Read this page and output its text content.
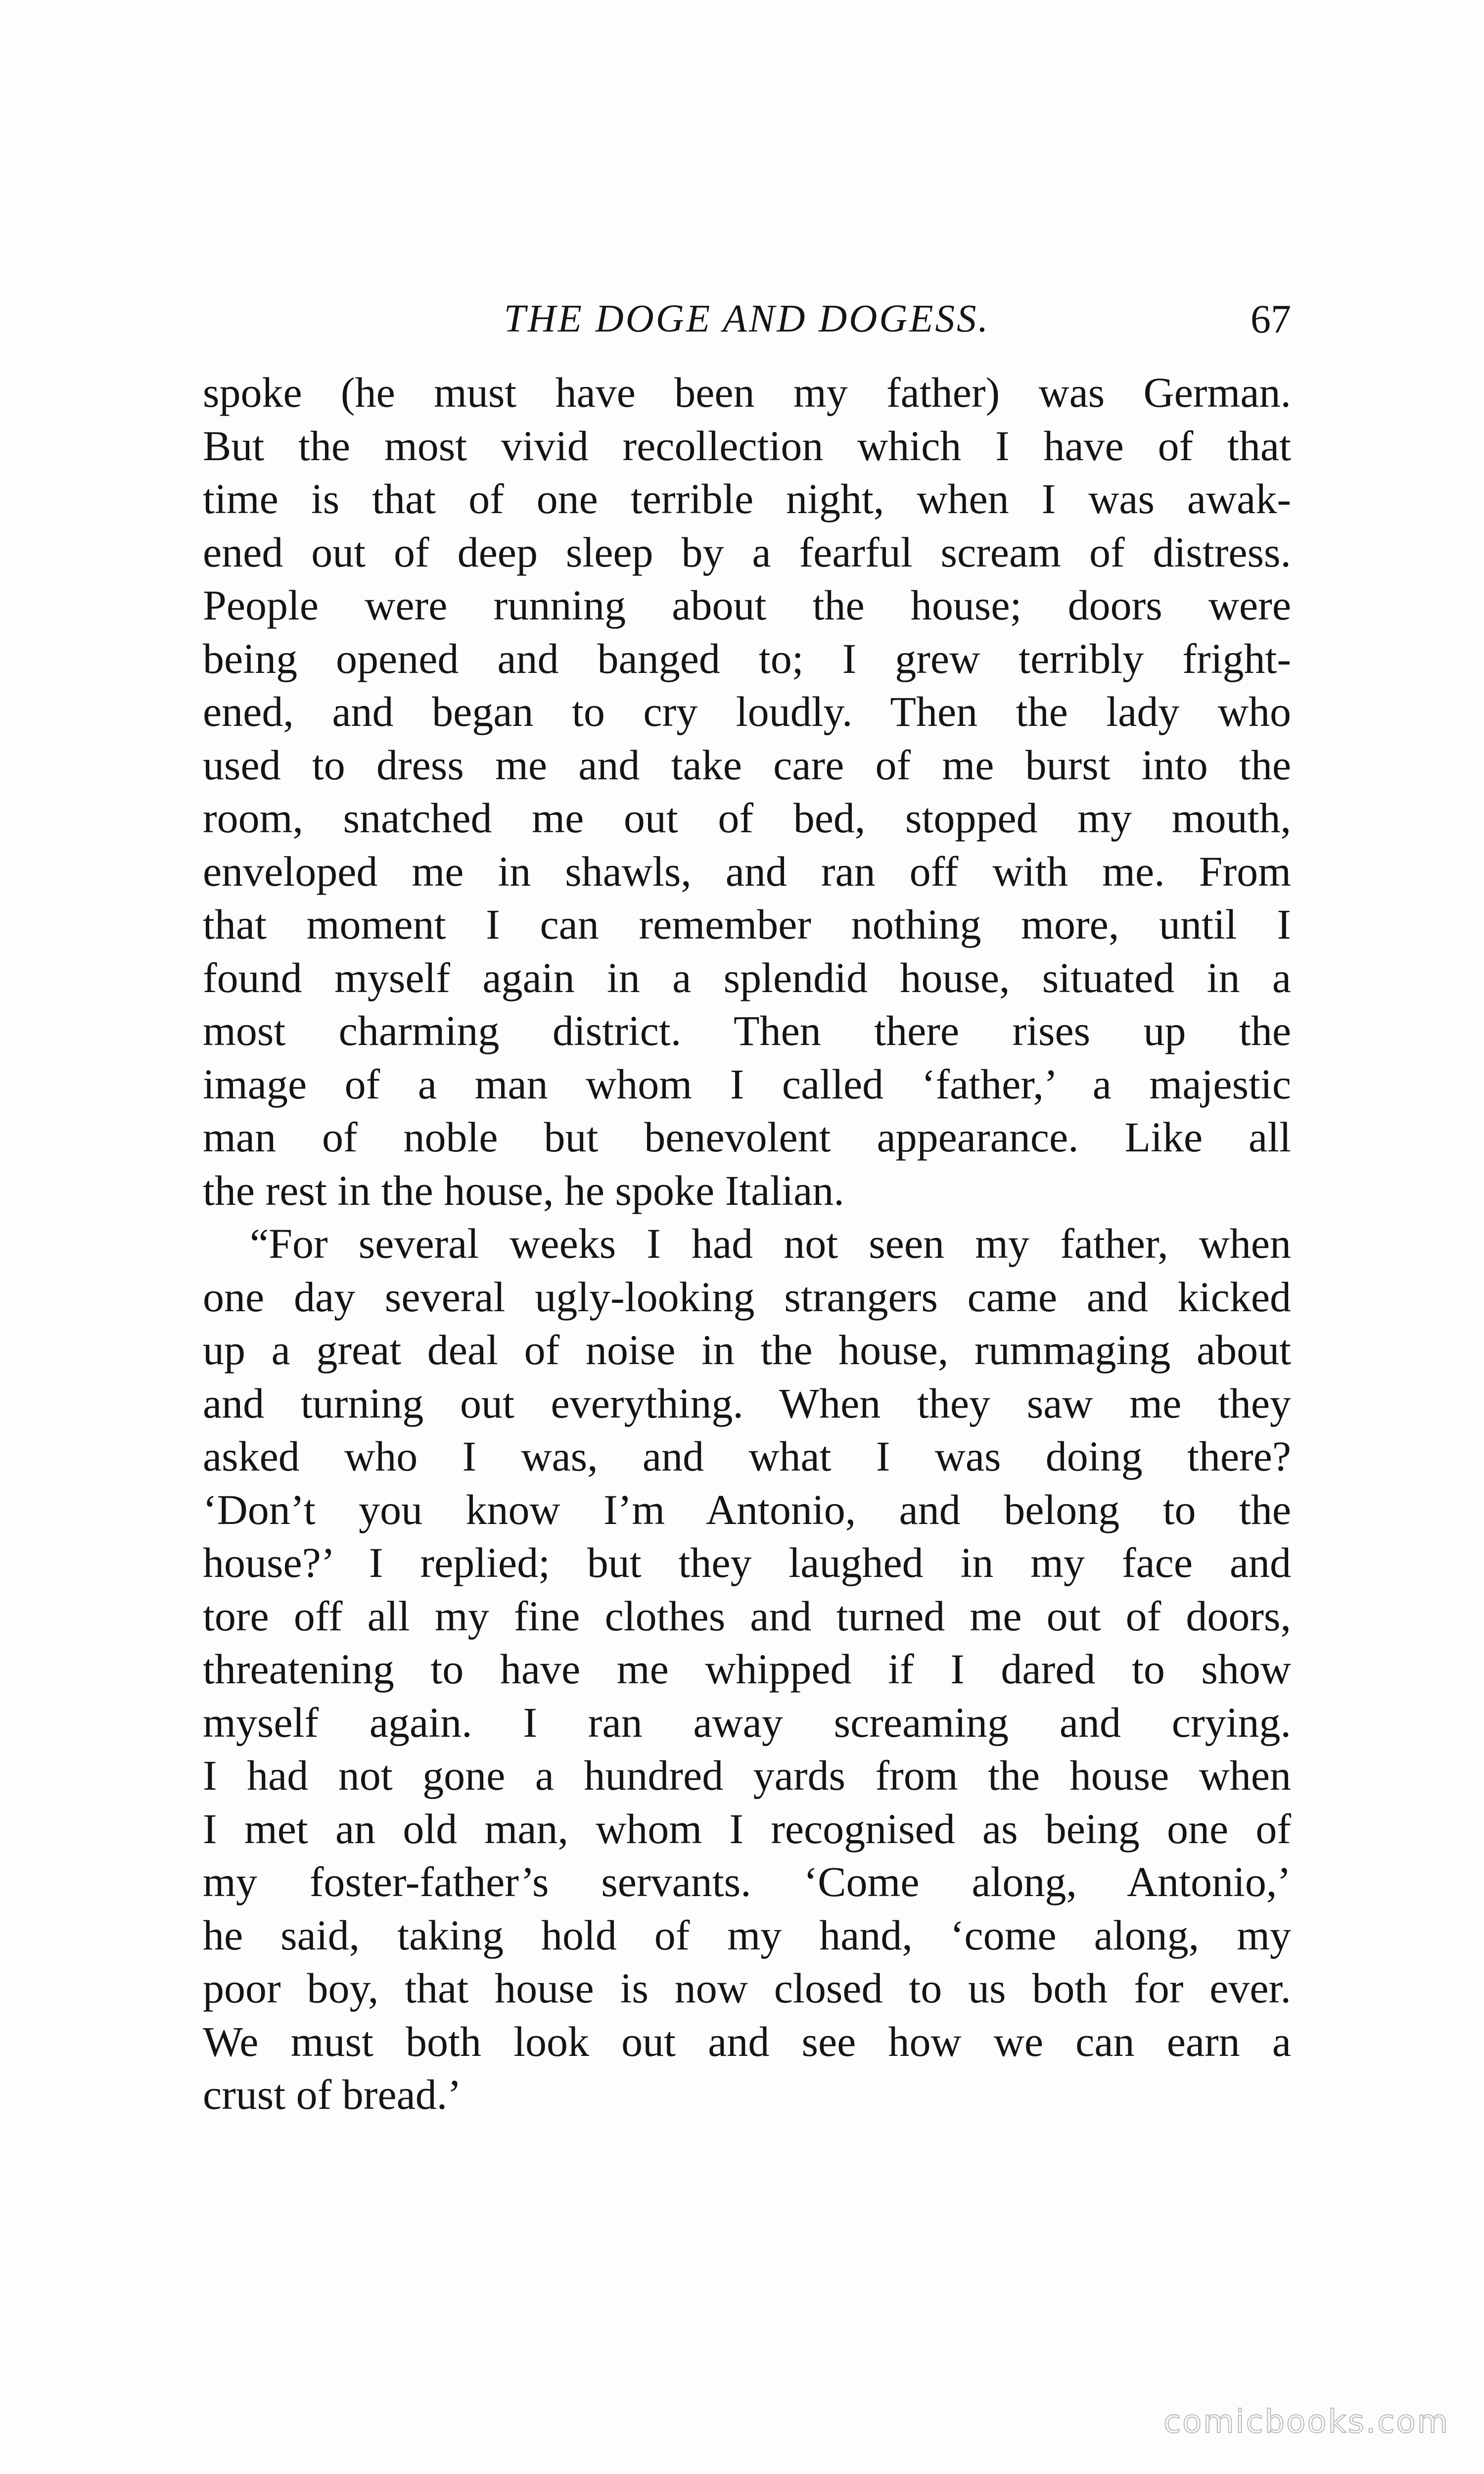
THE DOGE AND DOGESS.	67
spoke (he must have been my father) was German.
But the most vivid recollection which I have of that
time is that of one terrible night, when I was awak-
ened out of deep sleep by a fearful scream of distress.
People were running about the house; doors were
being opened and banged to; I grew terribly fright-
ened, and began to cry loudly. Then the lady who
used to dress me and take care of me burst into the
room, snatched me out of bed, stopped my mouth,
enveloped me in shawls, and ran off with me. From
that moment I can remember nothing more, until I
found myself again in a splendid house, situated in a
most charming district. Then there rises up the
image of a man whom I called ‘father,’ a majestic
man of noble but benevolent appearance. Like all
the rest in the house, he spoke Italian.
“For several weeks I had not seen my father, when
one day several ugly-looking strangers came and kicked
up a great deal of noise in the house, rummaging about
and turning out everything. When they saw me they
asked who I was, and what I was doing there?
‘Don’t you know I’m Antonio, and belong to the
house?’ I replied; but they laughed in my face and
tore off all my fine clothes and turned me out of doors,
threatening to have me whipped if I dared to show
myself again. I ran away screaming and crying.
I had not gone a hundred yards from the house when
I met an old man, whom I recognised as being one of
my foster-father’s servants. ‘Come along, Antonio,’
he said, taking hold of my hand, ‘come along, my
poor boy, that house is now closed to us both for ever.
We must both look out and see how we can earn a
crust of bread.’
comicbooks.com
